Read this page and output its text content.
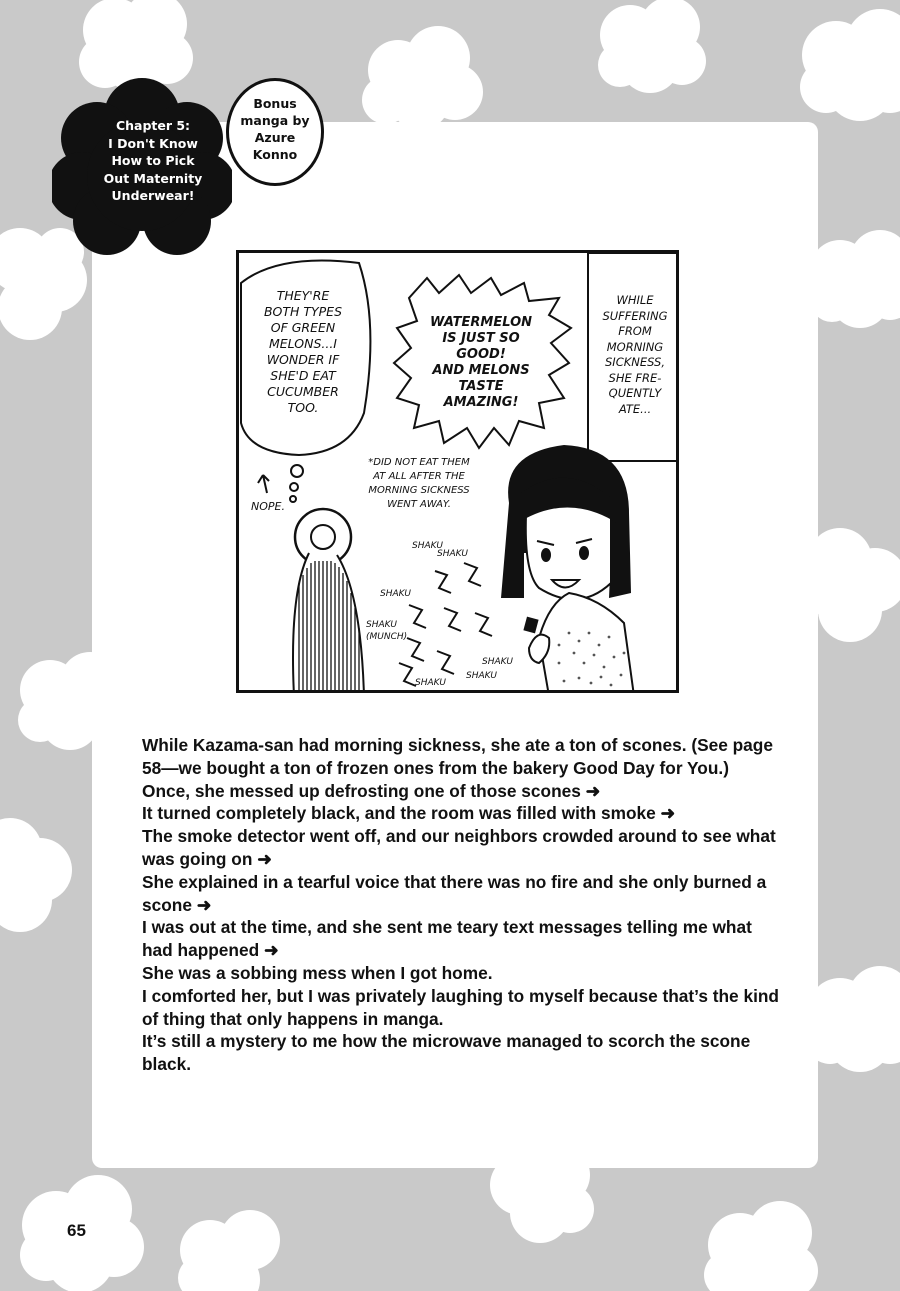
Chapter 5:
I Don't Know
How to Pick
Out Maternity
Underwear!
Bonus
manga by
Azure
Konno
THEY'RE
BOTH TYPES
OF GREEN
MELONS...I
WONDER IF
SHE'D EAT
CUCUMBER
TOO.
WATERMELON
IS JUST SO
GOOD!
AND MELONS
TASTE
AMAZING!
WHILE
SUFFERING
FROM
MORNING
SICKNESS,
SHE FRE-
QUENTLY
ATE...
*DID NOT EAT THEM
AT ALL AFTER THE
MORNING SICKNESS
WENT AWAY.
NOPE.
SHAKU
SHAKU
SHAKU
SHAKU (MUNCH)
SHAKU
SHAKU
SHAKU

While Kazama-san had morning sickness, she ate a ton of scones. (See page 58—we bought a ton of frozen ones from the bakery Good Day for You.)

Once, she messed up defrosting one of those scones ➜

It turned completely black, and the room was filled with smoke ➜

The smoke detector went off, and our neighbors crowded around to see what was going on ➜

She explained in a tearful voice that there was no fire and she only burned a scone ➜

I was out at the time, and she sent me teary text messages telling me what had happened ➜

She was a sobbing mess when I got home.

I comforted her, but I was privately laughing to myself because that’s the kind of thing that only happens in manga.

It’s still a mystery to me how the microwave managed to scorch the scone black.

65
